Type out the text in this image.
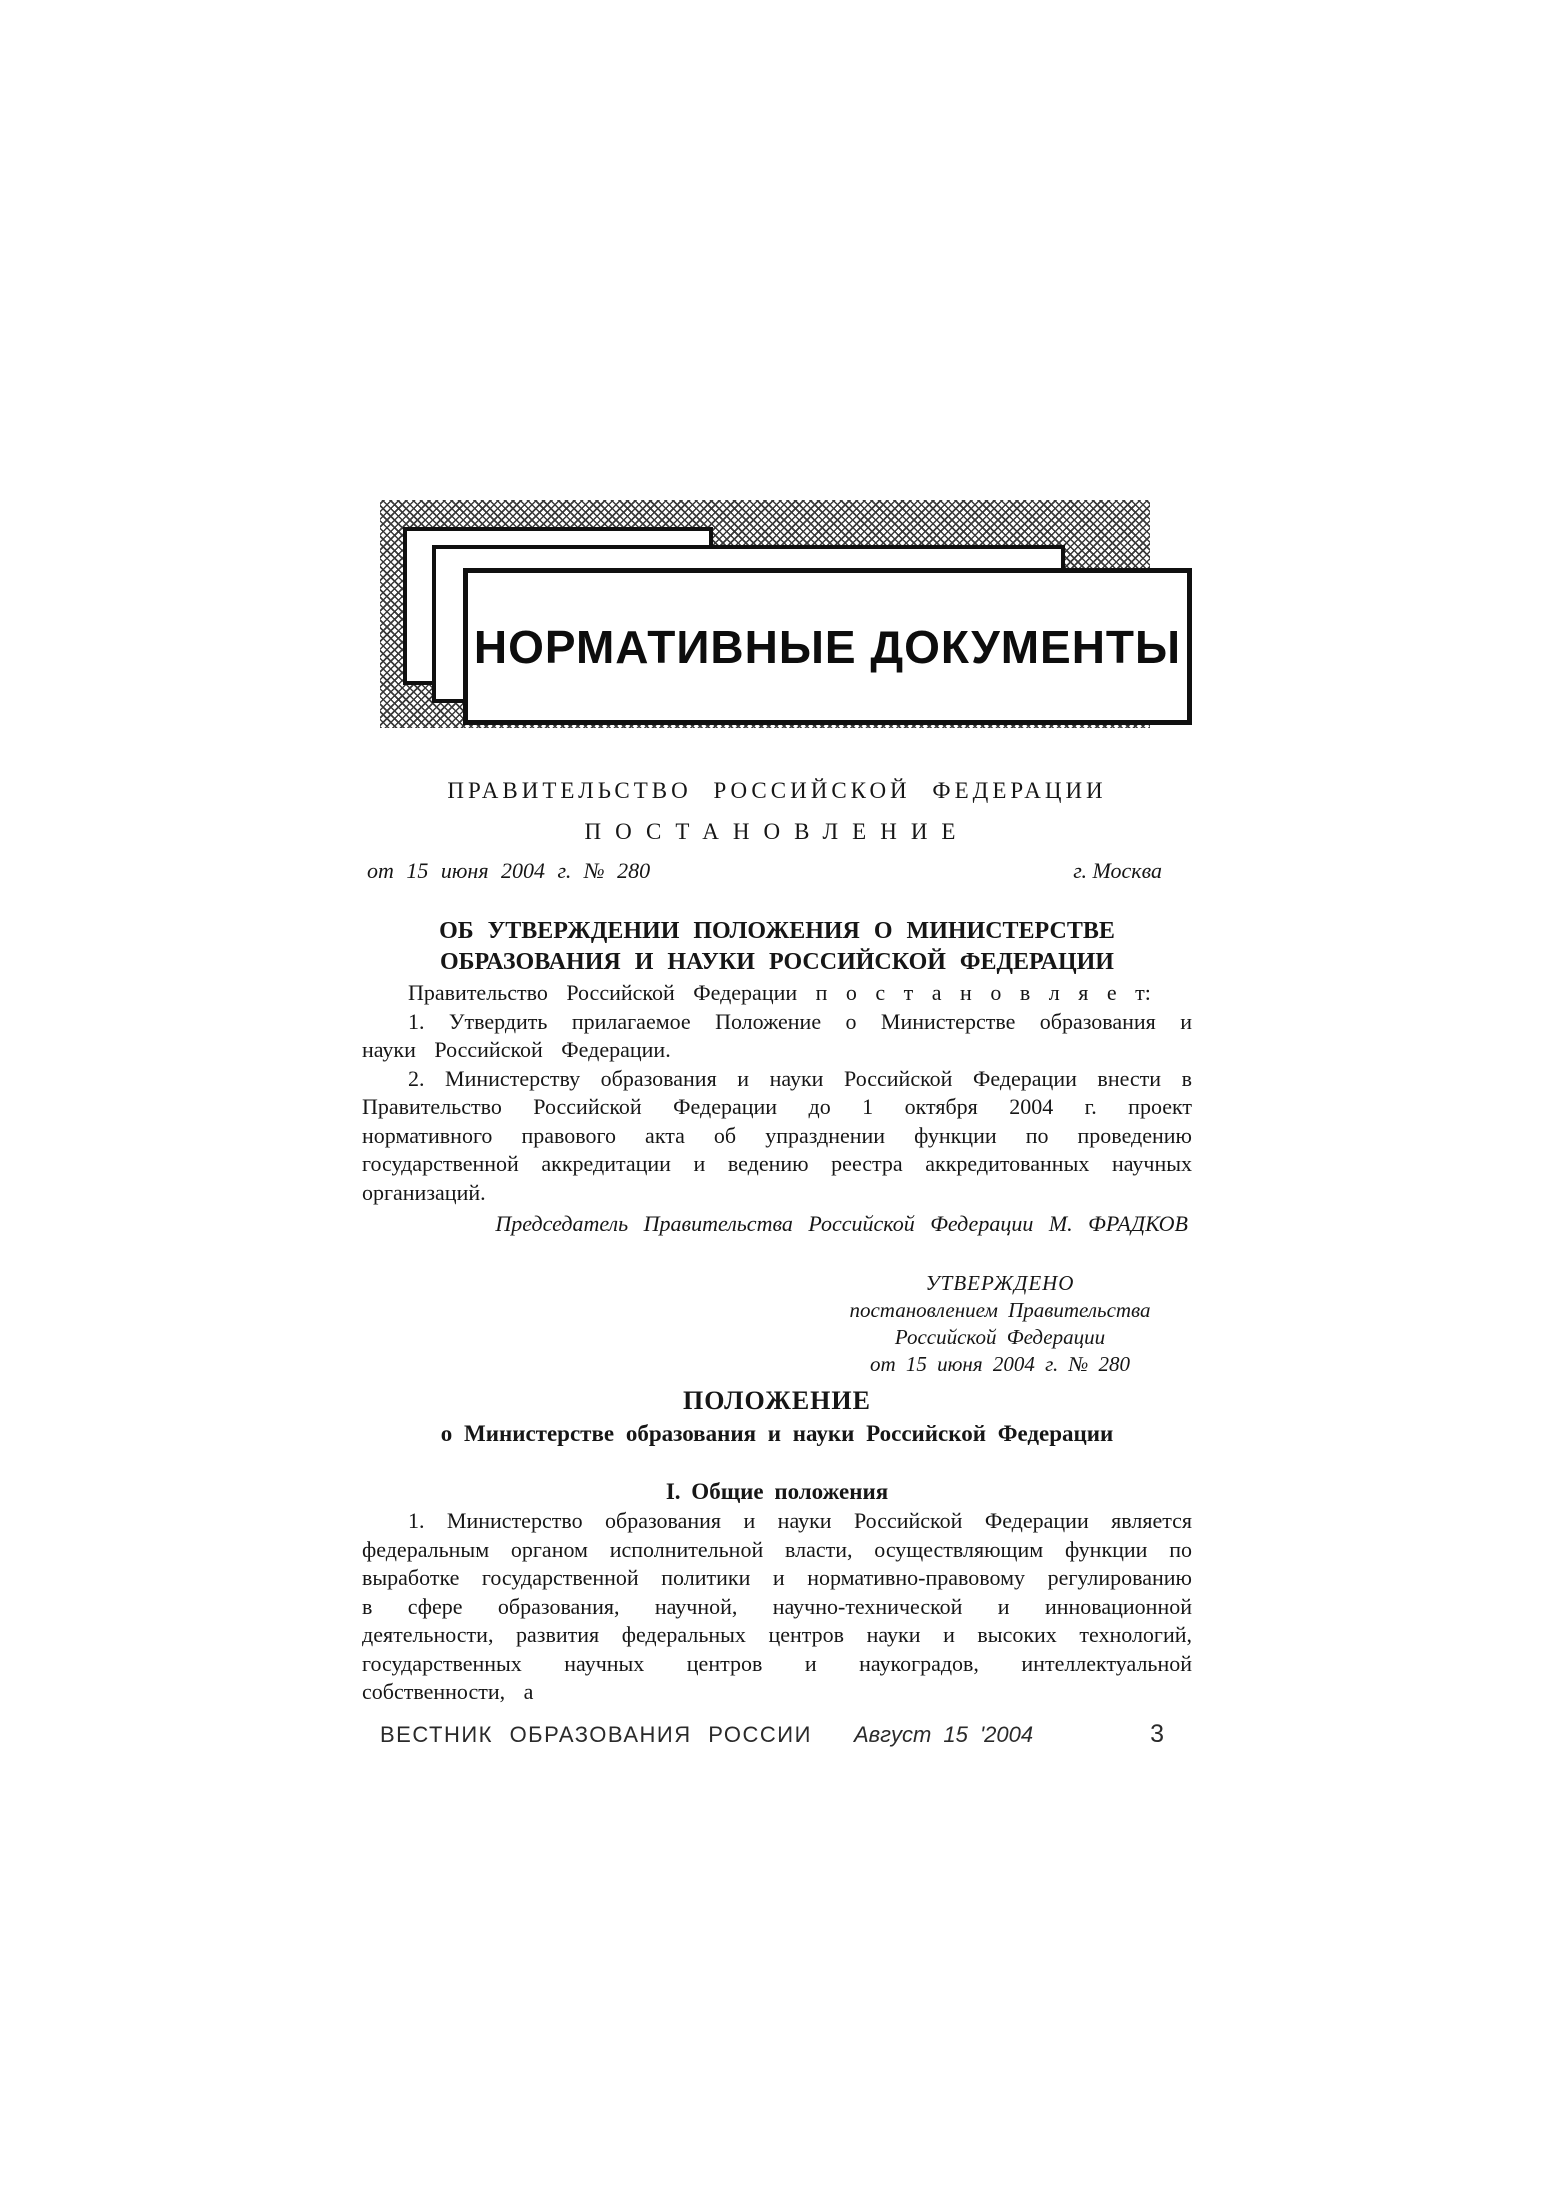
НОРМАТИВНЫЕ ДОКУМЕНТЫ
ПРАВИТЕЛЬСТВО РОССИЙСКОЙ ФЕДЕРАЦИИ
ПОСТАНОВЛЕНИЕ
от 15 июня 2004 г. № 280	г. Москва
ОБ УТВЕРЖДЕНИИ ПОЛОЖЕНИЯ О МИНИСТЕРСТВЕ
ОБРАЗОВАНИЯ И НАУКИ РОССИЙСКОЙ ФЕДЕРАЦИИ

Правительство Российской Федерации п о с т а н о в л я е т:

1. Утвердить прилагаемое Положение о Министерстве образования и науки Российской Федерации.

2. Министерству образования и науки Российской Федерации внести в Правительство Российской Федерации до 1 октября 2004 г. проект нормативного правового акта об упразднении функции по проведению государственной аккредитации и ведению реестра аккредитованных научных организаций.

Председатель Правительства Российской Федерации М. ФРАДКОВ
УТВЕРЖДЕНО
постановлением Правительства
Российской Федерации
от 15 июня 2004 г. № 280
ПОЛОЖЕНИЕ
о Министерстве образования и науки Российской Федерации
I. Общие положения

1. Министерство образования и науки Российской Федерации является федеральным органом исполнительной власти, осуществляющим функции по выработке государственной политики и нормативно-правовому регулированию в сфере образования, научной, научно-технической и инновационной деятельности, развития федеральных центров науки и высоких технологий, государственных научных центров и наукоградов, интеллектуальной собственности, а

ВЕСТНИК ОБРАЗОВАНИЯ РОССИИ Август 15 '2004	3
